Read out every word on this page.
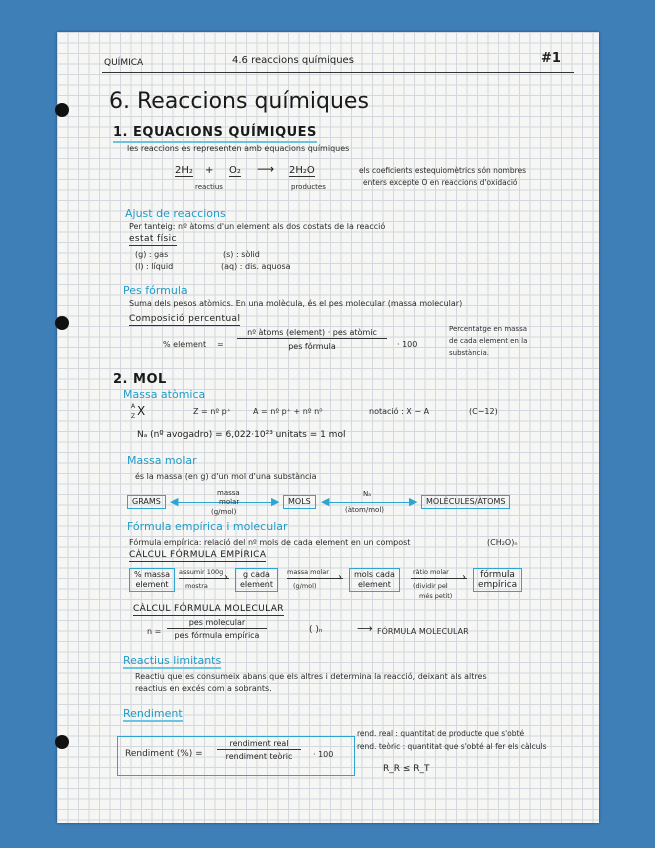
QUÍMICA	4.6 reaccions químiques	#1
6. Reaccions químiques
1. EQUACIONS QUÍMIQUES
les reaccions es representen amb equacions químiques
2H₂ + O₂ ⟶ 2H₂O
reactius	productes
els coeficients estequiomètrics són nombres
enters excepte O en reaccions d'oxidació
Ajust de reaccions
Per tanteig: nº àtoms d'un element als dos costats de la reacció
estat físic
(g) : gas	(s) : sòlid
(l) : líquid	(aq) : dis. aquosa
Pes fórmula
Suma dels pesos atòmics. En una molècula, és el pes molecular (massa molecular)
Composició percentual
% element =
nº àtoms (element) · pes atòmic
pes fórmula	· 100
Percentatge en massa
de cada element en la
substància.
2. MOL
Massa atòmica
A
Z X	Z = nº p⁺	A = nº p⁺ + nº n⁰	notació : X − A	(C−12)
Nₐ (nº avogadro) = 6,022·10²³ unitats = 1 mol
Massa molar
és la massa (en g) d'un mol d'una substància
GRAMS ◀	▶
massa
molar
(g/mol)
MOLS ◀	▶
Nₐ
(àtom/mol)
MOLÈCULES/ÀTOMS
Fórmula empírica i molecular
Fórmula empírica: relació del nº mols de cada element en un compost	(CH₂O)ₙ
CÀLCUL FÓRMULA EMPÍRICA
% massa
element
assumir 100g ›
mostra
g cada
element
massa molar ›
(g/mol)
mols cada
element
ràtio molar ›
(dividir pel
més petit)
fórmula
empírica
CÀLCUL FÓRMULA MOLECULAR
n =
pes molecular
pes fórmula empírica
( )ₙ	⟶ FÓRMULA MOLECULAR
Reactius limitants
Reactiu que es consumeix abans que els altres i determina la reacció, deixant als altres
reactius en excés com a sobrants.
Rendiment
rend. real : quantitat de producte que s'obté
rend. teòric : quantitat que s'obté al fer els càlculs
R_R ≤ R_T
Rendiment (%) =
rendiment real
rendiment teòric	· 100
